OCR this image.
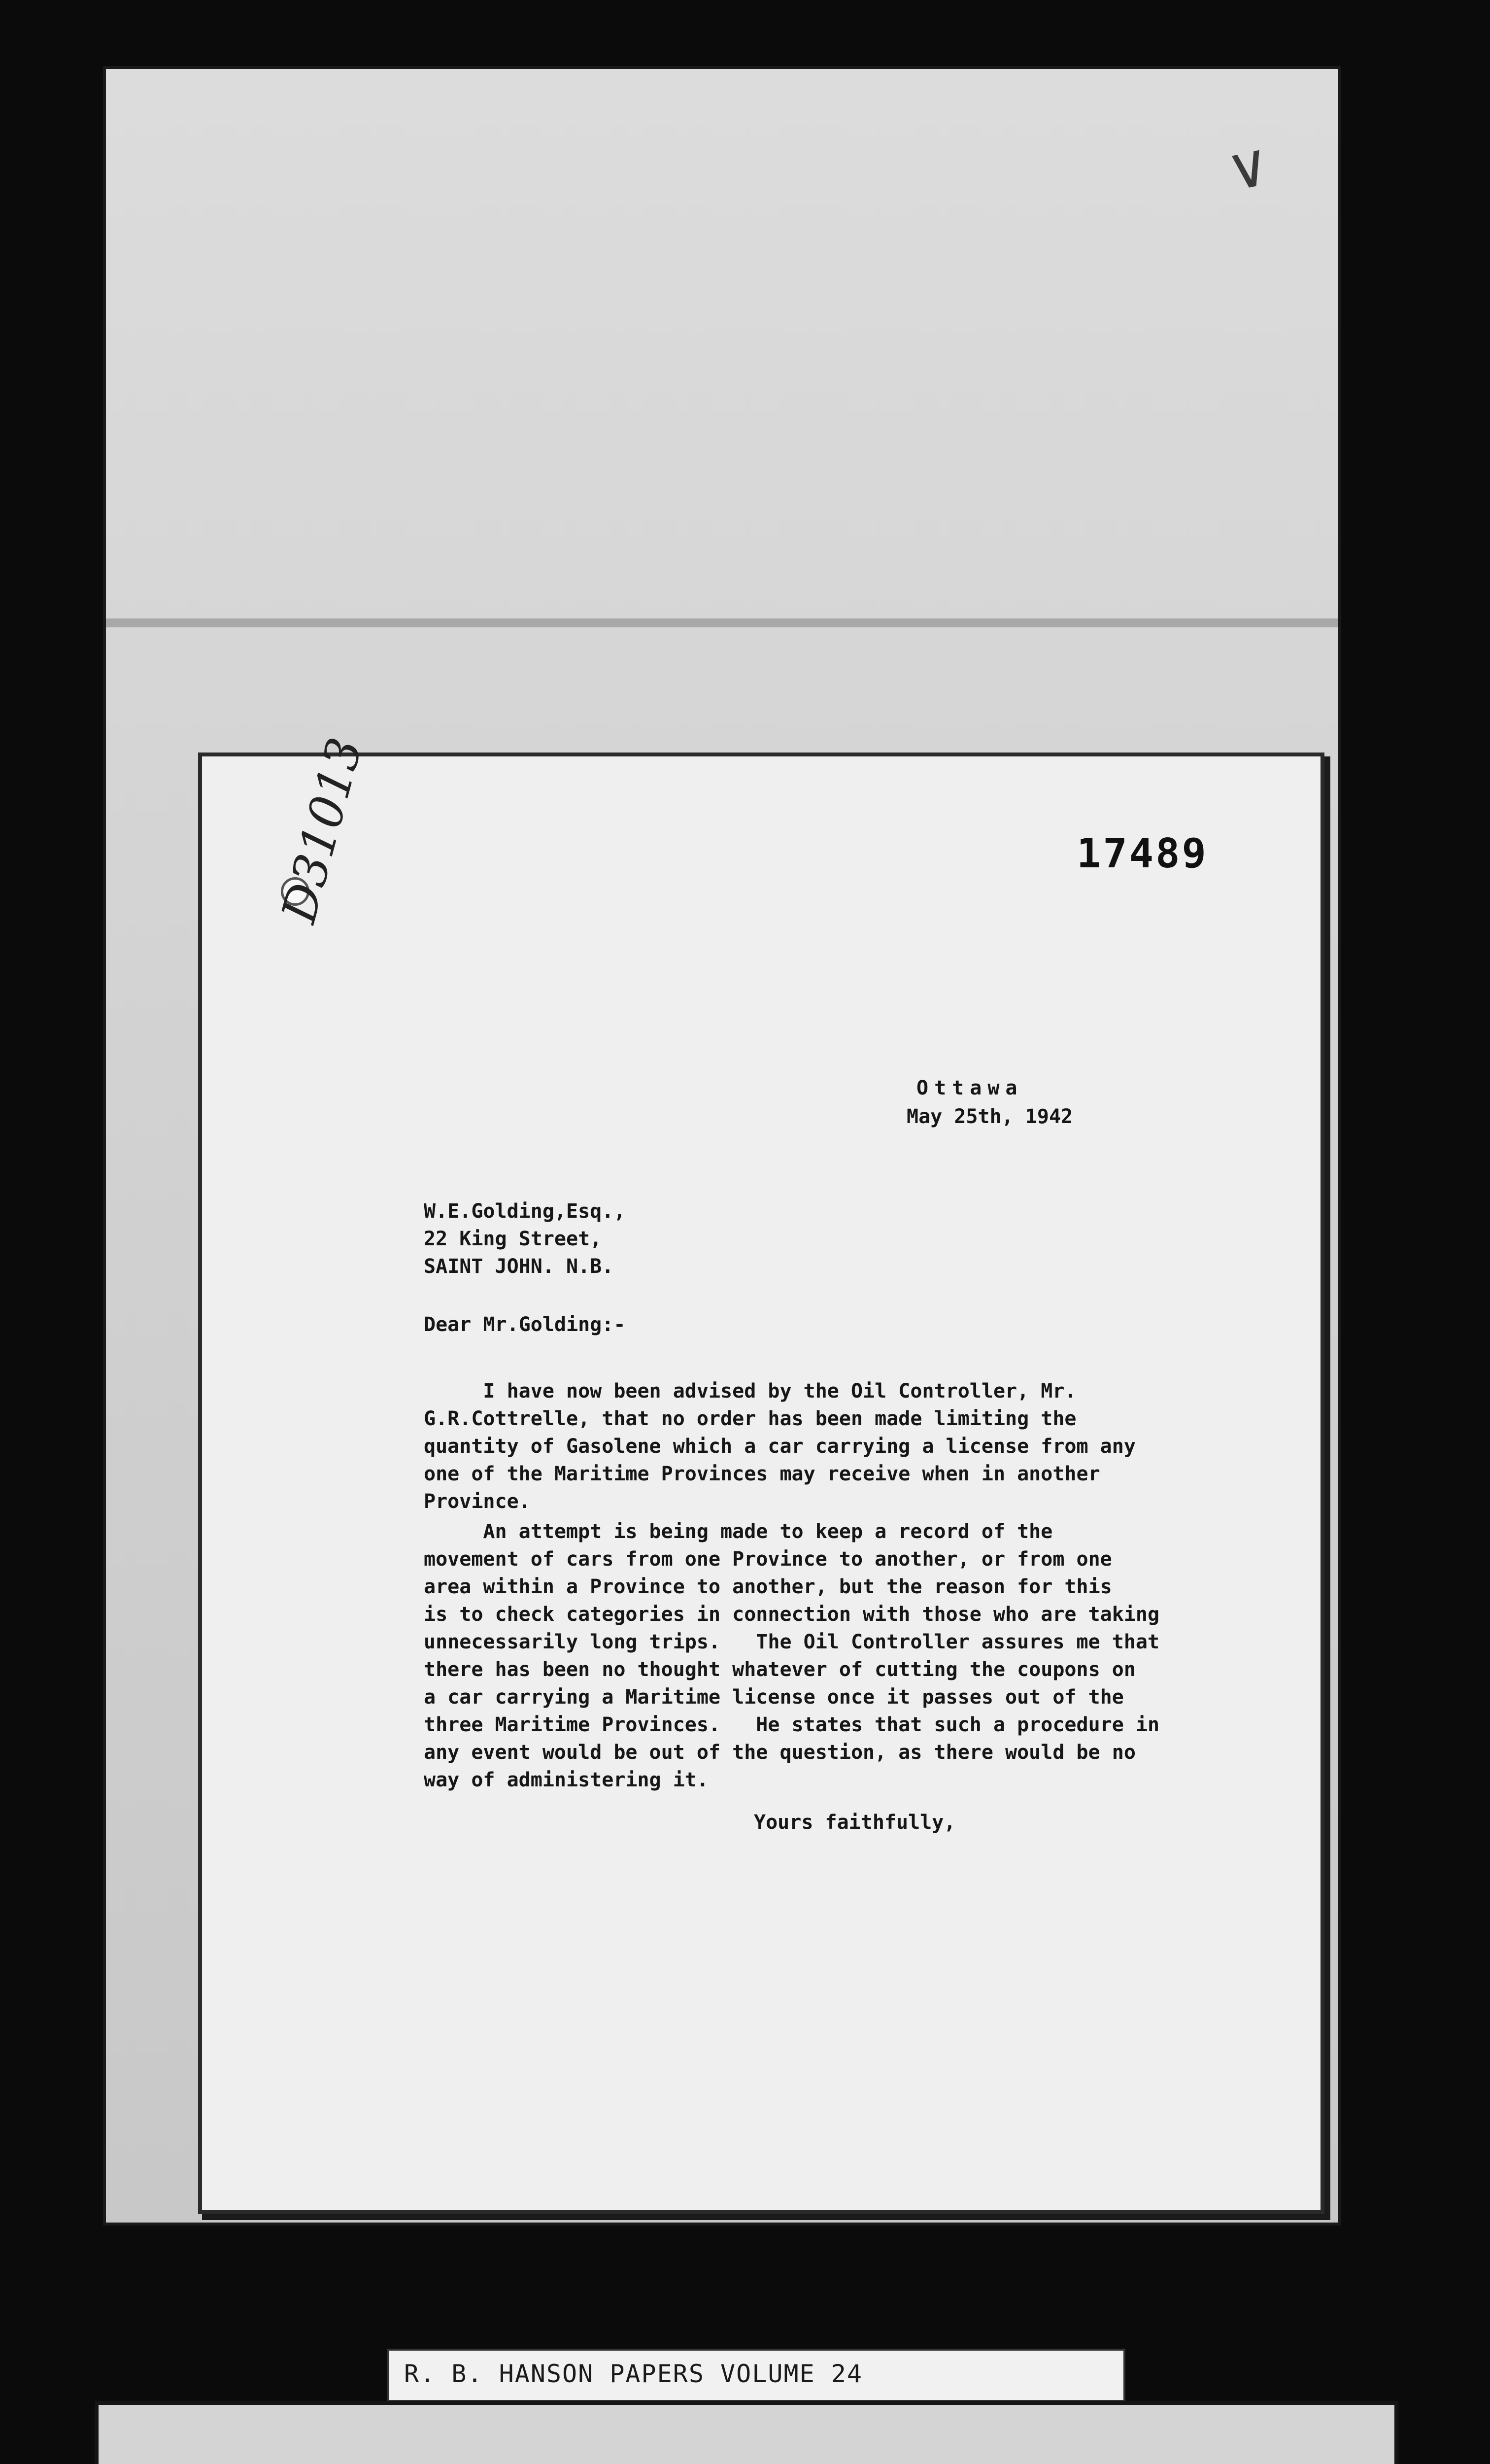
∨
17489
D31013
Ottawa
May 25th, 1942
W.E.Golding,Esq.,
22 King Street,
SAINT JOHN. N.B.
Dear Mr.Golding:-
I have now been advised by the Oil Controller, Mr.
G.R.Cottrelle, that no order has been made limiting the
quantity of Gasolene which a car carrying a license from any
one of the Maritime Provinces may receive when in another
Province.
An attempt is being made to keep a record of the
movement of cars from one Province to another, or from one
area within a Province to another, but the reason for this
is to check categories in connection with those who are taking
unnecessarily long trips.   The Oil Controller assures me that
there has been no thought whatever of cutting the coupons on
a car carrying a Maritime license once it passes out of the
three Maritime Provinces.   He states that such a procedure in
any event would be out of the question, as there would be no
way of administering it.
Yours faithfully,
R. B. HANSON PAPERS VOLUME 24
